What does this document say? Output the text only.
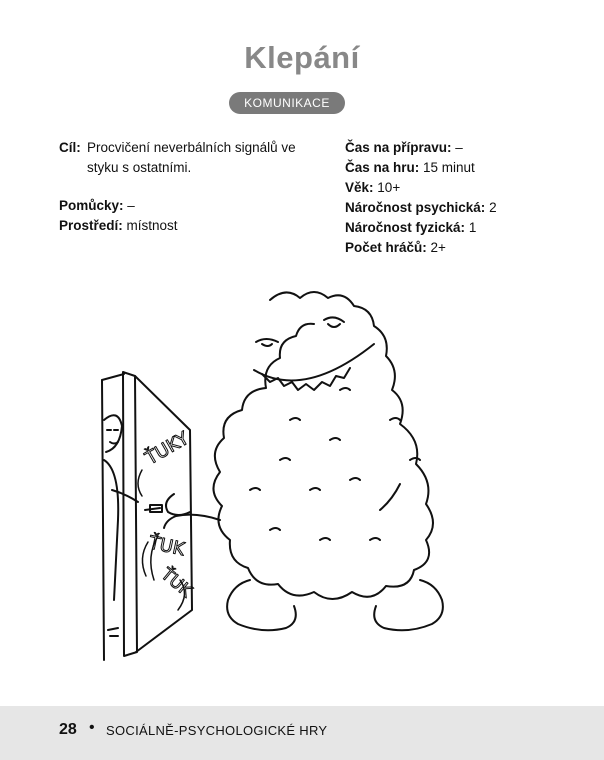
Klepání
KOMUNIKACE
Cíl: Procvičení neverbálních signálů ve styku s ostatními.
Pomůcky: –
Prostředí: místnost
Čas na přípravu: –
Čas na hru: 15 minut
Věk: 10+
Náročnost psychická: 2
Náročnost fyzická: 1
Počet hráčů: 2+
ŤUKY
ŤUK
ŤUK
28 • SOCIÁLNĚ-PSYCHOLOGICKÉ HRY
